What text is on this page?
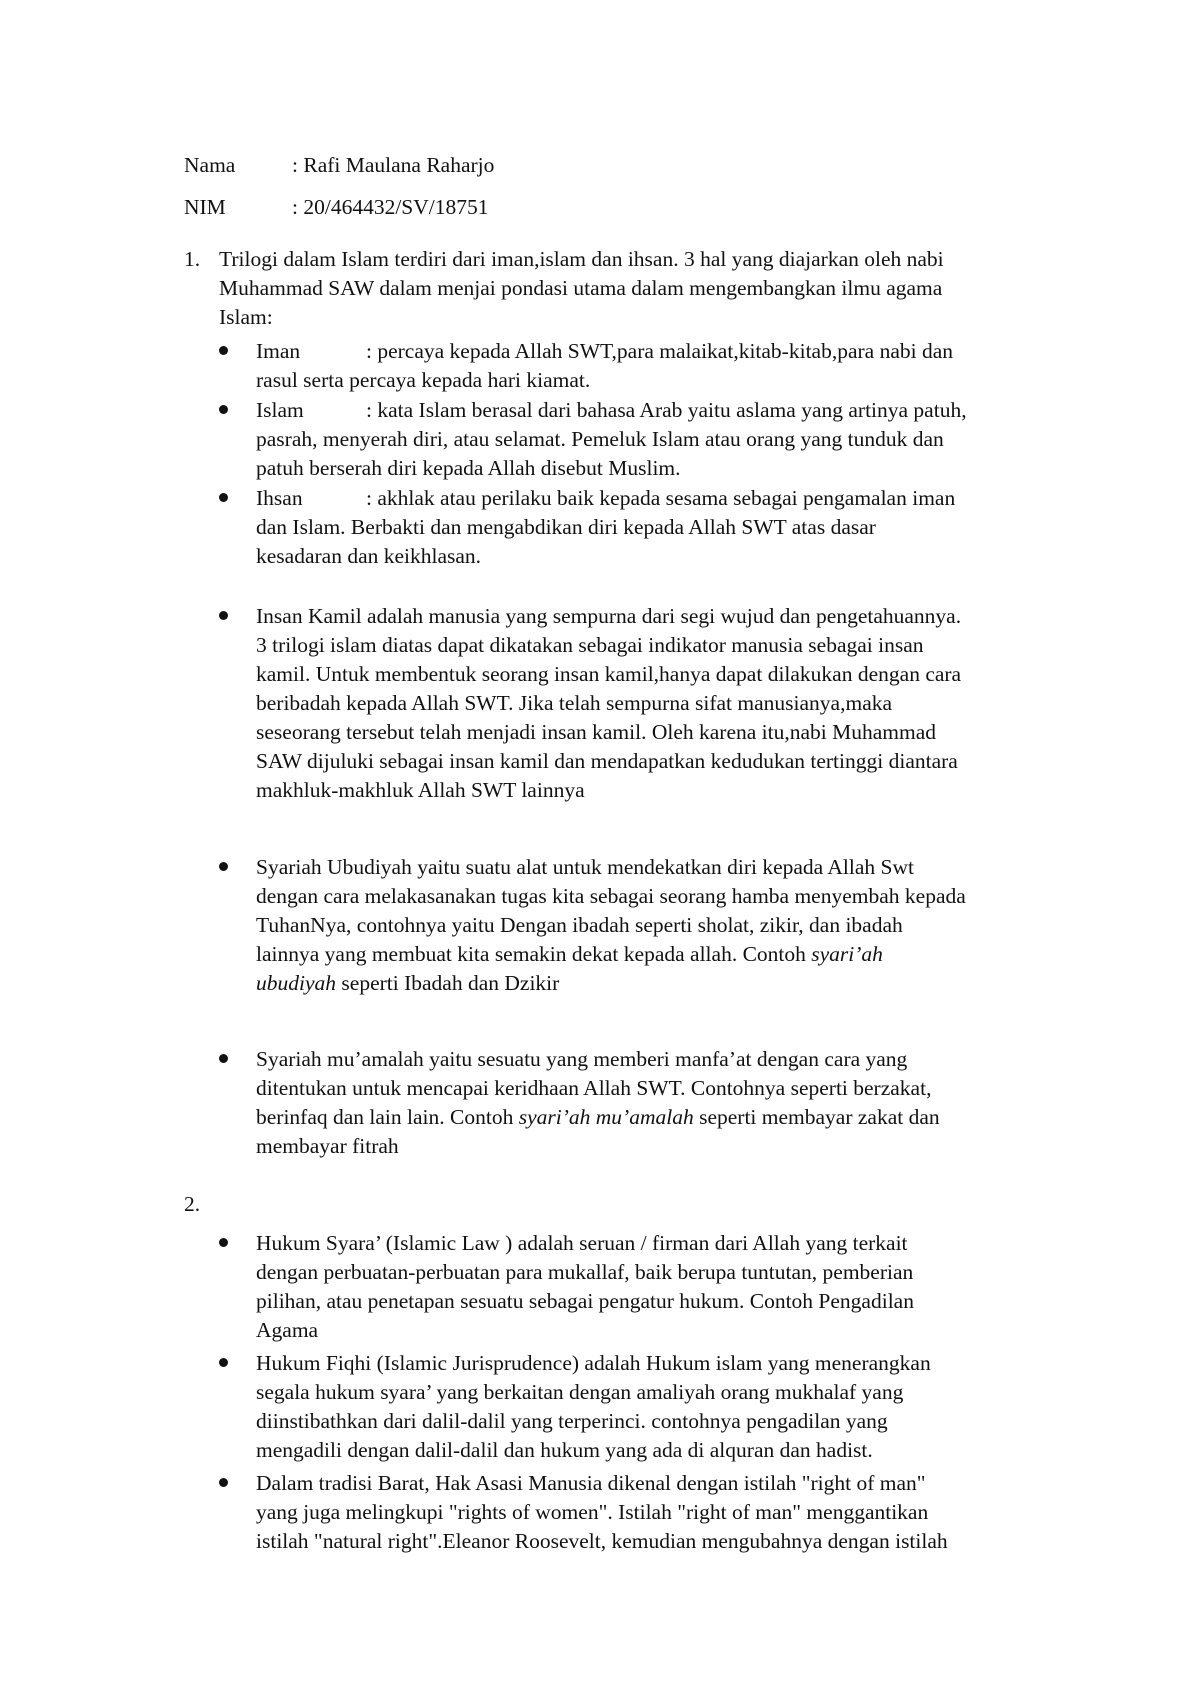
Nama	: Rafi Maulana Raharjo
NIM	: 20/464432/SV/18751
1. Trilogi dalam Islam terdiri dari iman,islam dan ihsan. 3 hal yang diajarkan oleh nabi
Muhammad SAW dalam menjai pondasi utama dalam mengembangkan ilmu agama
Islam:
Iman	: percaya kepada Allah SWT,para malaikat,kitab-kitab,para nabi dan
rasul serta percaya kepada hari kiamat.
Islam	: kata Islam berasal dari bahasa Arab yaitu aslama yang artinya patuh,
pasrah, menyerah diri, atau selamat. Pemeluk Islam atau orang yang tunduk dan
patuh berserah diri kepada Allah disebut Muslim.
Ihsan	: akhlak atau perilaku baik kepada sesama sebagai pengamalan iman
dan Islam. Berbakti dan mengabdikan diri kepada Allah SWT atas dasar
kesadaran dan keikhlasan.
Insan Kamil adalah manusia yang sempurna dari segi wujud dan pengetahuannya.
3 trilogi islam diatas dapat dikatakan sebagai indikator manusia sebagai insan
kamil. Untuk membentuk seorang insan kamil,hanya dapat dilakukan dengan cara
beribadah kepada Allah SWT. Jika telah sempurna sifat manusianya,maka
seseorang tersebut telah menjadi insan kamil. Oleh karena itu,nabi Muhammad
SAW dijuluki sebagai insan kamil dan mendapatkan kedudukan tertinggi diantara
makhluk-makhluk Allah SWT lainnya
Syariah Ubudiyah yaitu suatu alat untuk mendekatkan diri kepada Allah Swt
dengan cara melakasanakan tugas kita sebagai seorang hamba menyembah kepada
TuhanNya, contohnya yaitu Dengan ibadah seperti sholat, zikir, dan ibadah
lainnya yang membuat kita semakin dekat kepada allah. Contoh syari’ah
ubudiyah seperti Ibadah dan Dzikir
Syariah mu’amalah yaitu sesuatu yang memberi manfa’at dengan cara yang
ditentukan untuk mencapai keridhaan Allah SWT. Contohnya seperti berzakat,
berinfaq dan lain lain. Contoh syari’ah mu’amalah seperti membayar zakat dan
membayar fitrah
2.
Hukum Syara’ (Islamic Law ) adalah seruan / firman dari Allah yang terkait
dengan perbuatan-perbuatan para mukallaf, baik berupa tuntutan, pemberian
pilihan, atau penetapan sesuatu sebagai pengatur hukum. Contoh Pengadilan
Agama
Hukum Fiqhi (Islamic Jurisprudence) adalah Hukum islam yang menerangkan
segala hukum syara’ yang berkaitan dengan amaliyah orang mukhalaf yang
diinstibathkan dari dalil-dalil yang terperinci. contohnya pengadilan yang
mengadili dengan dalil-dalil dan hukum yang ada di alquran dan hadist.
Dalam tradisi Barat, Hak Asasi Manusia dikenal dengan istilah "right of man"
yang juga melingkupi "rights of women". Istilah "right of man" menggantikan
istilah "natural right".Eleanor Roosevelt, kemudian mengubahnya dengan istilah
